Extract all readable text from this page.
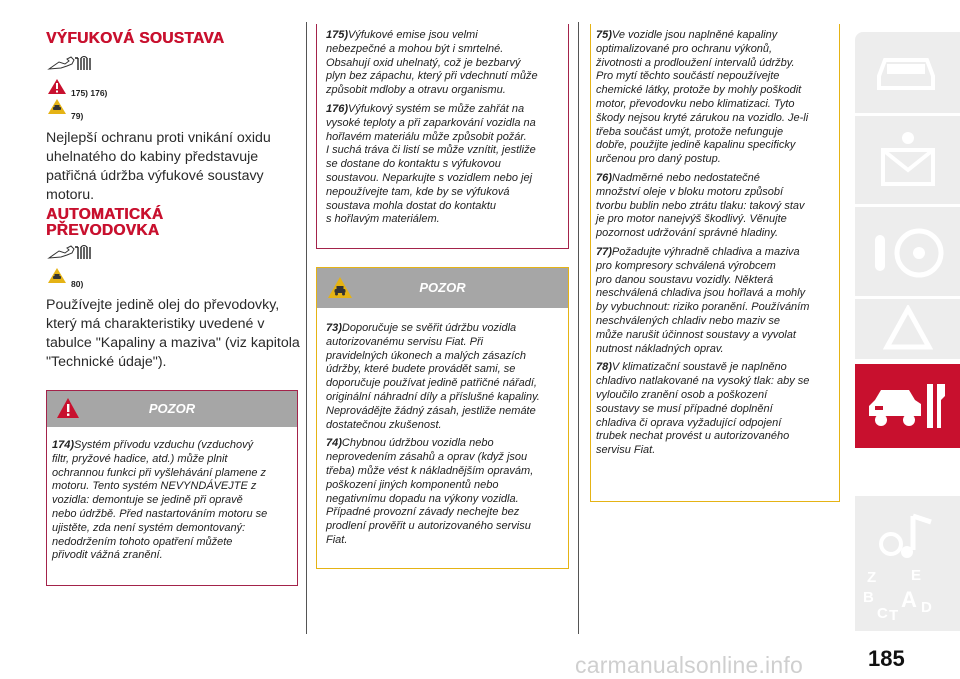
VÝFUKOVÁ SOUSTAVA
175) 176)
79)

Nejlepší ochranu proti vnikání oxidu
uhelnatého do kabiny představuje
patřičná údržba výfukové soustavy
motoru.

AUTOMATICKÁ
PŘEVODOVKA
80)

Používejte jedině olej do převodovky,
který má charakteristiky uvedené v
tabulce "Kapaliny a maziva" (viz kapitola
"Technické údaje").

POZOR

174)Systém přívodu vzduchu (vzduchový
filtr, pryžové hadice, atd.) může plnit
ochrannou funkci při vyšlehávání plamene z
motoru. Tento systém NEVYNDÁVEJTE z
vozidla: demontuje se jedině při opravě
nebo údržbě. Před nastartováním motoru se
ujistěte, zda není systém demontovaný:
nedodržením tohoto opatření můžete
přivodit vážná zranění.

175)Výfukové emise jsou velmi
nebezpečné a mohou být i smrtelné.
Obsahují oxid uhelnatý, což je bezbarvý
plyn bez zápachu, který při vdechnutí může
způsobit mdloby a otravu organismu.

176)Výfukový systém se může zahřát na
vysoké teploty a při zaparkování vozidla na
hořlavém materiálu může způsobit požár.
I suchá tráva či listí se může vznítit, jestliže
se dostane do kontaktu s výfukovou
soustavou. Neparkujte s vozidlem nebo jej
nepoužívejte tam, kde by se výfuková
soustava mohla dostat do kontaktu
s hořlavým materiálem.

POZOR

73)Doporučuje se svěřit údržbu vozidla
autorizovanému servisu Fiat. Při
pravidelných úkonech a malých zásazích
údržby, které budete provádět sami, se
doporučuje používat jedině patřičné nářadí,
originální náhradní díly a příslušné kapaliny.
Neprovádějte žádný zásah, jestliže nemáte
dostatečnou zkušenost.

74)Chybnou údržbou vozidla nebo
neprovedením zásahů a oprav (když jsou
třeba) může vést k nákladnějším opravám,
poškození jiných komponentů nebo
negativnímu dopadu na výkony vozidla.
Případné provozní závady nechejte bez
prodlení prověřit u autorizovaného servisu
Fiat.

75)Ve vozidle jsou naplněné kapaliny
optimalizované pro ochranu výkonů,
životnosti a prodloužení intervalů údržby.
Pro mytí těchto součástí nepoužívejte
chemické látky, protože by mohly poškodit
motor, převodovku nebo klimatizaci. Tyto
škody nejsou kryté zárukou na vozidlo. Je-li
třeba součást umýt, protože nefunguje
dobře, použijte jedině kapalinu specificky
určenou pro daný postup.

76)Nadměrné nebo nedostatečné
množství oleje v bloku motoru způsobí
tvorbu bublin nebo ztrátu tlaku: takový stav
je pro motor nanejvýš škodlivý. Věnujte
pozornost udržování správné hladiny.

77)Požadujte výhradně chladiva a maziva
pro kompresory schválená výrobcem
pro danou soustavu vozidly. Některá
neschválená chladiva jsou hořlavá a mohly
by vybuchnout: riziko poranění. Používáním
neschválených chladiv nebo maziv se
může narušit účinnost soustavy a vyvolat
nutnost nákladných oprav.

78)V klimatizační soustavě je naplněno
chladivo natlakované na vysoký tlak: aby se
vyloučilo zranění osob a poškození
soustavy se musí případné doplnění
chladiva či oprava vyžadující odpojení
trubek nechat provést u autorizovaného
servisu Fiat.

Z E
B A
C T D
185
carmanualsonline.info
